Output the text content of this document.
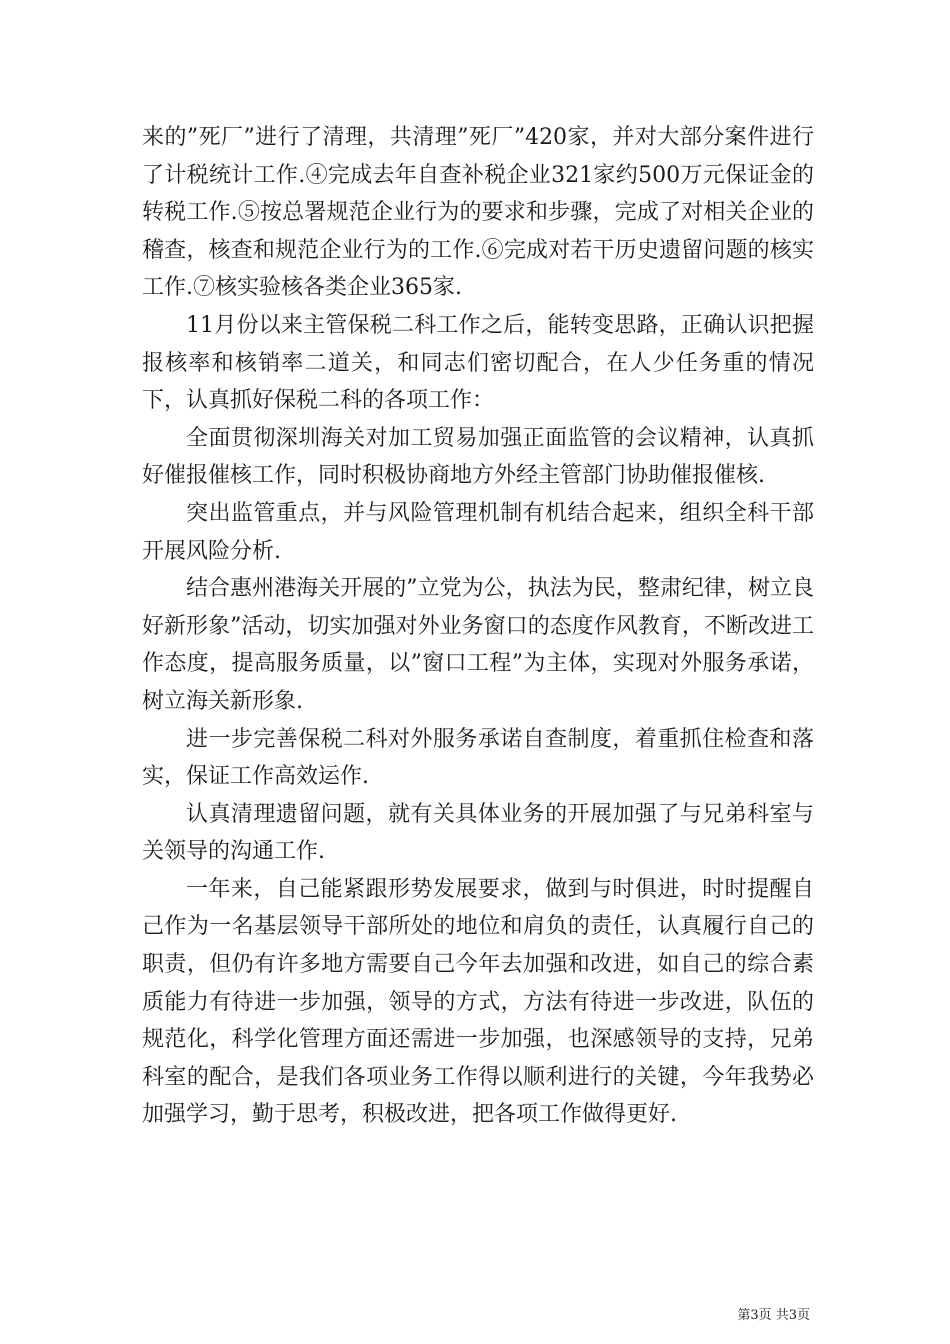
来的”死厂”进行了清理，共清理”死厂”420家，并对大部分案件进行了计税统计工作.④完成去年自查补税企业321家约500万元保证金的转税工作.⑤按总署规范企业行为的要求和步骤，完成了对相关企业的稽查，核查和规范企业行为的工作.⑥完成对若干历史遗留问题的核实工作.⑦核实验核各类企业365家.

11月份以来主管保税二科工作之后，能转变思路，正确认识把握报核率和核销率二道关，和同志们密切配合，在人少任务重的情况下，认真抓好保税二科的各项工作：

全面贯彻深圳海关对加工贸易加强正面监管的会议精神，认真抓好催报催核工作，同时积极协商地方外经主管部门协助催报催核.

突出监管重点，并与风险管理机制有机结合起来，组织全科干部开展风险分析.

结合惠州港海关开展的”立党为公，执法为民，整肃纪律，树立良好新形象”活动，切实加强对外业务窗口的态度作风教育，不断改进工作态度，提高服务质量，以”窗口工程”为主体，实现对外服务承诺，树立海关新形象.

进一步完善保税二科对外服务承诺自查制度，着重抓住检查和落实，保证工作高效运作.

认真清理遗留问题，就有关具体业务的开展加强了与兄弟科室与关领导的沟通工作.

一年来，自己能紧跟形势发展要求，做到与时俱进，时时提醒自己作为一名基层领导干部所处的地位和肩负的责任，认真履行自己的职责，但仍有许多地方需要自己今年去加强和改进，如自己的综合素质能力有待进一步加强，领导的方式，方法有待进一步改进，队伍的规范化，科学化管理方面还需进一步加强，也深感领导的支持，兄弟科室的配合，是我们各项业务工作得以顺利进行的关键，今年我势必加强学习，勤于思考，积极改进，把各项工作做得更好.

第3页 共3页
